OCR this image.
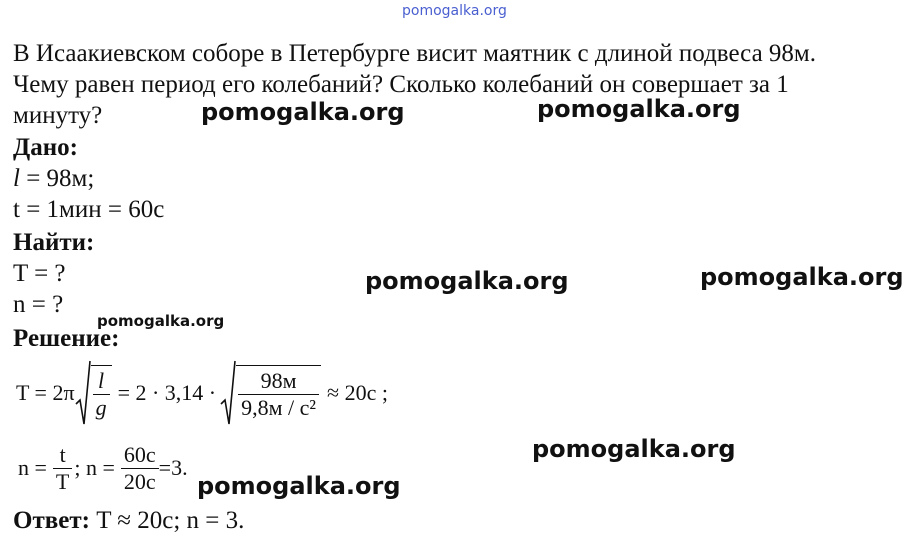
pomogalka.org
В Исаакиевском соборе в Петербурге висит маятник с длиной подвеса 98м.
Чему равен период его колебаний? Сколько колебаний он совершает за 1
минуту?
Дано:
l = 98м;
t = 1мин = 60с
Найти:
T = ?
n = ?
Решение:
$T = 2\pi \frac{l}{g} = 2 \cdot 3,14 \cdot \frac{98м}{\text{9,8м / с²}} \approx 20с$ ;
$n = \frac{t}{T}$ ; $n = \frac{60с}{20с} =3$.
Ответ: T ≈ 20с; n = 3.
pomogalka.org	pomogalka.org
pomogalka.org	pomogalka.org
pomogalka.org
pomogalka.org
pomogalka.org
